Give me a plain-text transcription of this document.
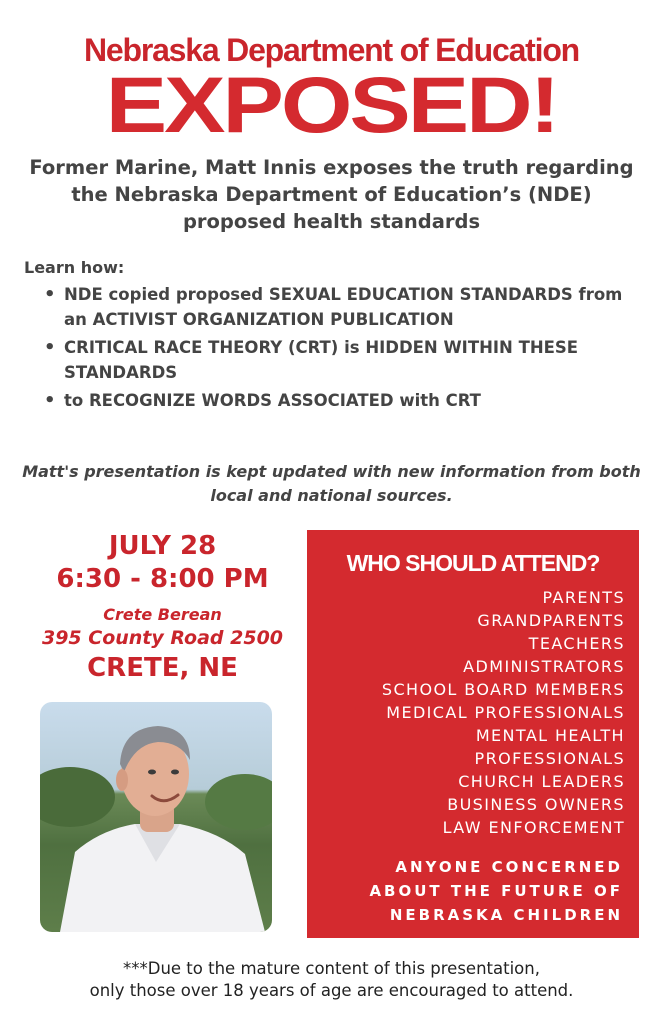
Nebraska Department of Education
EXPOSED!
Former Marine, Matt Innis exposes the truth regarding the Nebraska Department of Education’s (NDE) proposed health standards
Learn how:
• NDE copied proposed SEXUAL EDUCATION STANDARDS from an ACTIVIST ORGANIZATION PUBLICATION
• CRITICAL RACE THEORY (CRT) is HIDDEN WITHIN THESE STANDARDS
• to RECOGNIZE WORDS ASSOCIATED with CRT
Matt's presentation is kept updated with new information from both local and national sources.
JULY 28
6:30 - 8:00 PM
Crete Berean
395 County Road 2500
CRETE, NE
WHO SHOULD ATTEND?
PARENTS
GRANDPARENTS
TEACHERS
ADMINISTRATORS
SCHOOL BOARD MEMBERS
MEDICAL PROFESSIONALS
MENTAL HEALTH
PROFESSIONALS
CHURCH LEADERS
BUSINESS OWNERS
LAW ENFORCEMENT
ANYONE CONCERNED
ABOUT THE FUTURE OF
NEBRASKA CHILDREN
***Due to the mature content of this presentation,
only those over 18 years of age are encouraged to attend.
